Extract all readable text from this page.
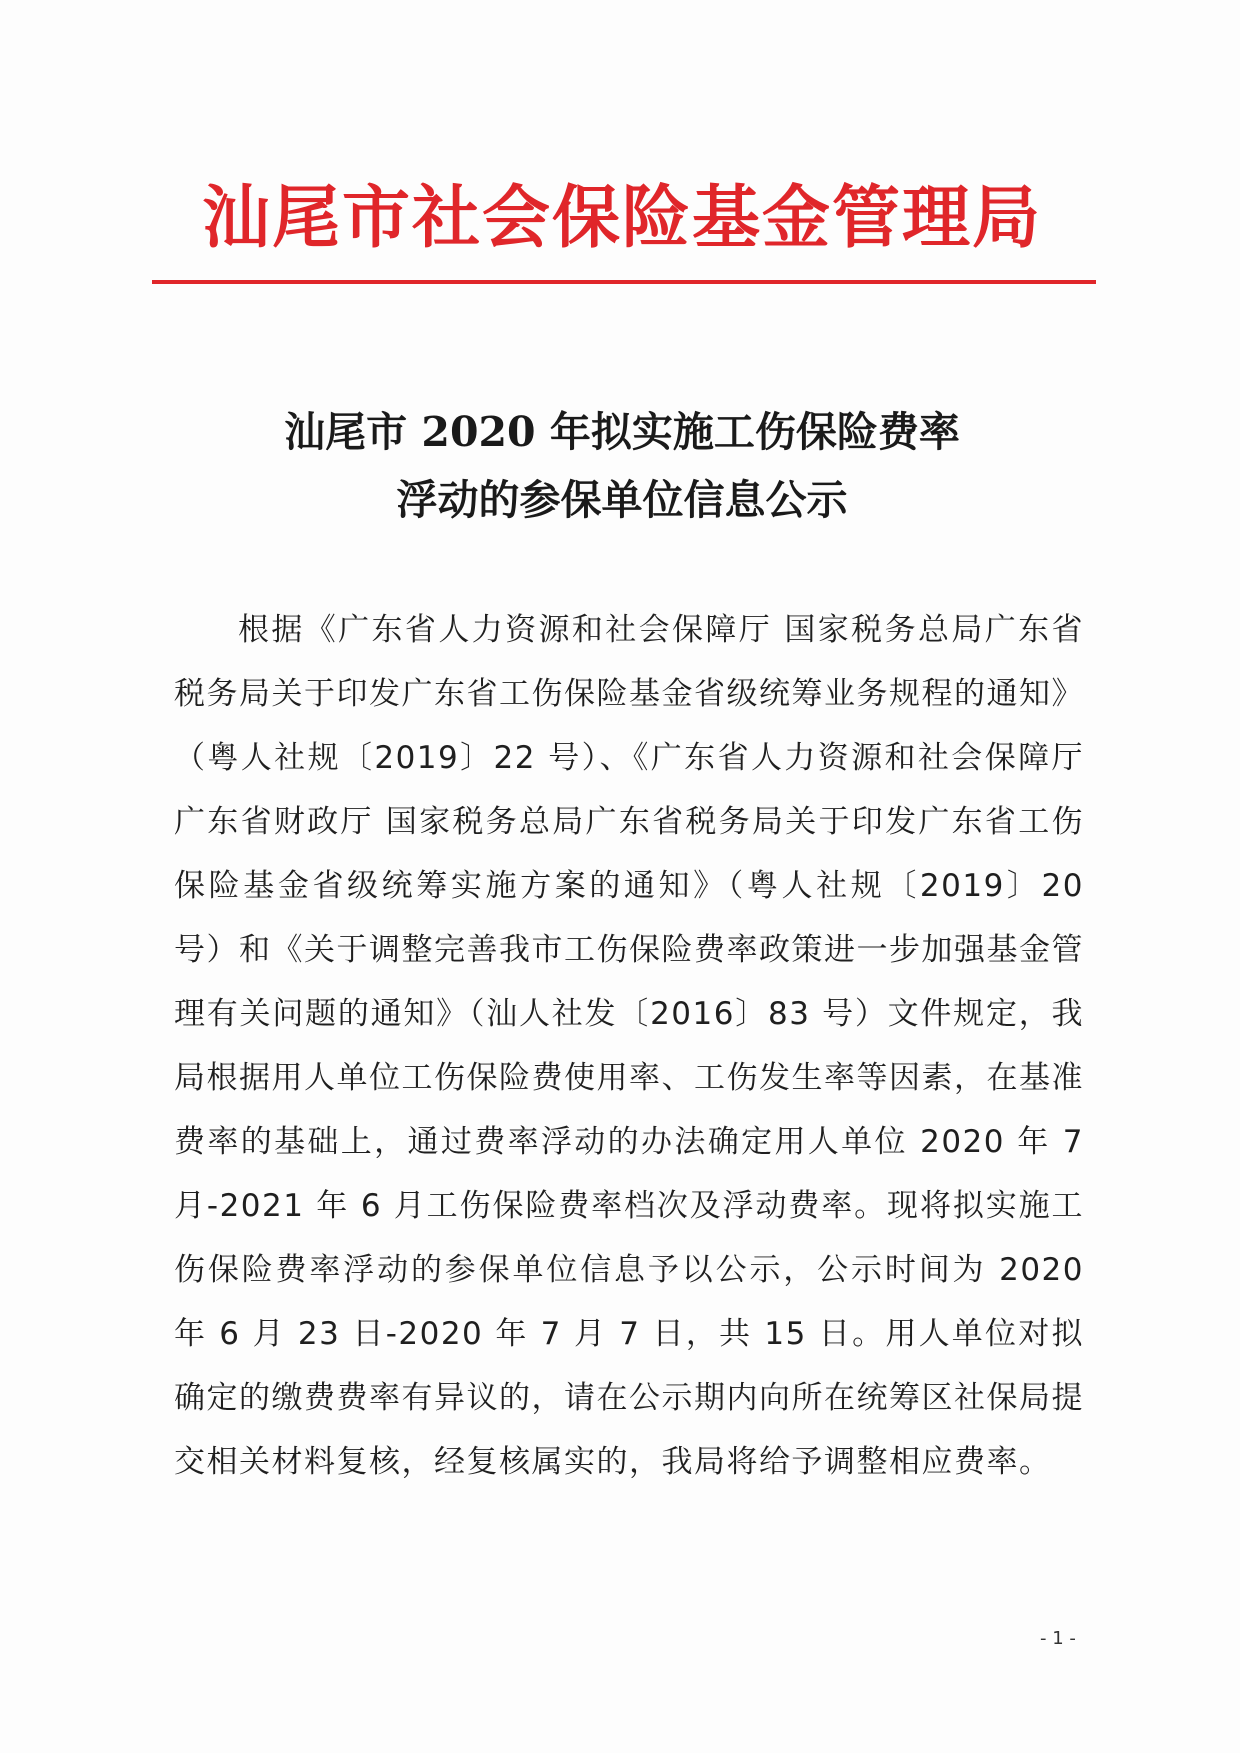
汕尾市社会保险基金管理局
汕尾市 2020 年拟实施工伤保险费率
浮动的参保单位信息公示

根据《广东省人力资源和社会保障厅 国家税务总局广东省税务局关于印发广东省工伤保险基金省级统筹业务规程的通知》（粤人社规〔2019〕22 号）、《广东省人力资源和社会保障厅 广东省财政厅 国家税务总局广东省税务局关于印发广东省工伤保险基金省级统筹实施方案的通知》（粤人社规〔2019〕20 号）和《关于调整完善我市工伤保险费率政策进一步加强基金管理有关问题的通知》（汕人社发〔2016〕83 号）文件规定，我局根据用人单位工伤保险费使用率、工伤发生率等因素，在基准费率的基础上，通过费率浮动的办法确定用人单位 2020 年 7 月-2021 年 6 月工伤保险费率档次及浮动费率。现将拟实施工伤保险费率浮动的参保单位信息予以公示，公示时间为 2020 年 6 月 23 日-2020 年 7 月 7 日，共 15 日。用人单位对拟确定的缴费费率有异议的，请在公示期内向所在统筹区社保局提交相关材料复核，经复核属实的，我局将给予调整相应费率。

- 1 -
